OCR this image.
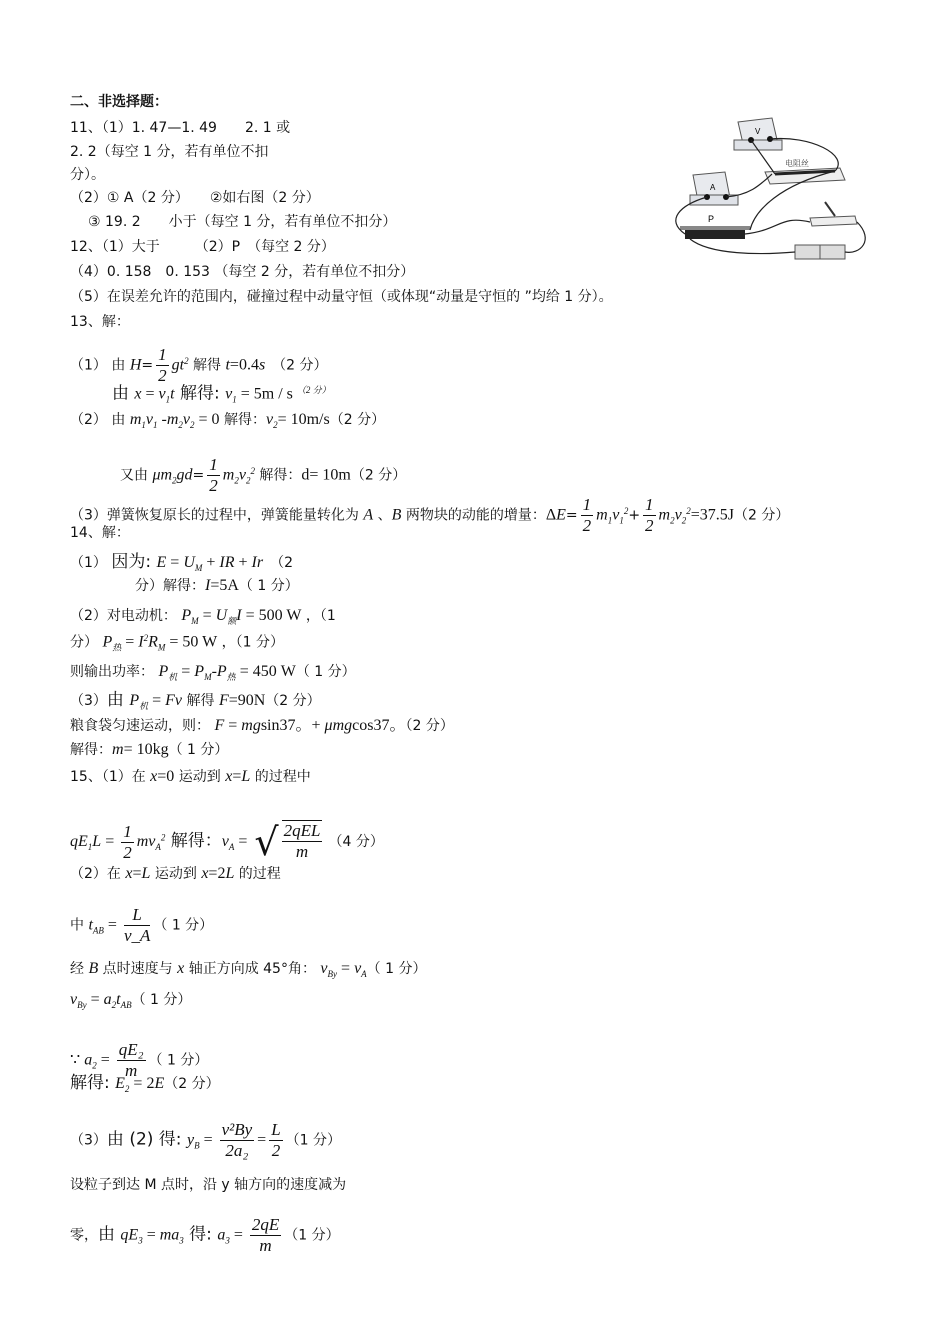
二、非选择题：
11、（1）1. 47—1. 49　　2. 1 或
2. 2（每空 1 分，若有单位不扣
分）。
（2）① A（2 分）　　②如右图（2 分）
③ 19. 2　　小于（每空 1 分，若有单位不扣分）
12、（1）大于　　　（2）P　（每空 2 分）
（4）0. 158　0. 153 （每空 2 分，若有单位不扣分）
（5）在误差允许的范围内，碰撞过程中动量守恒（或体现“动量是守恒的 ”均给 1 分）。
13、解：
（1） 由 $H= \frac{1}{2} gt^2$ 解得 t=0.4s　（2 分）
由 $x = v_1t$ 解得: $v_1 = 5m / s$ $^{(2 分)}$
（2） 由 $m_1v_1$ $-m_2v_2 = 0$ 解得：$v_2= 10m/s(2$ 分）
又由 $\mu m_2gd= \frac{1}{2} m_2v_2^2$ 解得：d= 10m（2 分）
（3）弹簧恢复原长的过程中，弹簧能量转化为 A 、B 两物块的动能的增量：$\Delta E= \frac{1}{2} m_1v_1^2+ \frac{1}{2} m_2v_2^2=37.5J(2$ 分）
14、解：
（1） 因为: $E = U_M$ + IR + Ir　（2
分）解得：I=5A（ 1 分）
（2）对电动机： $P_M = U_额I = 500$ W ，（1
分） $P_热 = I^2R_M = 50$ W ，（1 分）
则输出功率： $P_机 = P_M-P_热 = 450$ W（ 1 分）
（3）由 $P_机 = Fv$ 解得 F=90N（2 分）
粮食袋匀速运动，则： F = mgsin37。+ μmgcos37。（2 分）
解得：m= 10kg（ 1 分）
15、（1）在 x=0 运动到 x=L 的过程中
$qE_1L = \frac{1}{2} mv_A^2$ 解得：$v_A$ = √ $\frac{\text{2qEL}}{m} (4$ 分）
（2）在 x=L 运动到 x=2L 的过程
中 $t_{AB} = \frac{L}{v\_A}$ （ 1 分）
经 B 点时速度与 x 轴正方向成 45°角： $v_{By} = v_A$（ 1 分）
$v_{By} = a_2t_{AB}$（ 1 分）
∵ $a_2 = \frac{\text{qE₂}}{m}$ （ 1 分）
解得: $E_2 = 2E(2$ 分）
（3）由 (2) 得: $y_B = \frac{\text{v²By}}{\text{2a₂}} = \frac{L}{2} (1$ 分）
设粒子到达 M 点时，沿 y 轴方向的速度减为
零，由 $qE_3 = ma_3$ 得: $a_3 = \frac{2qE}{m} (1$ 分）
V
电阻丝
A
P
